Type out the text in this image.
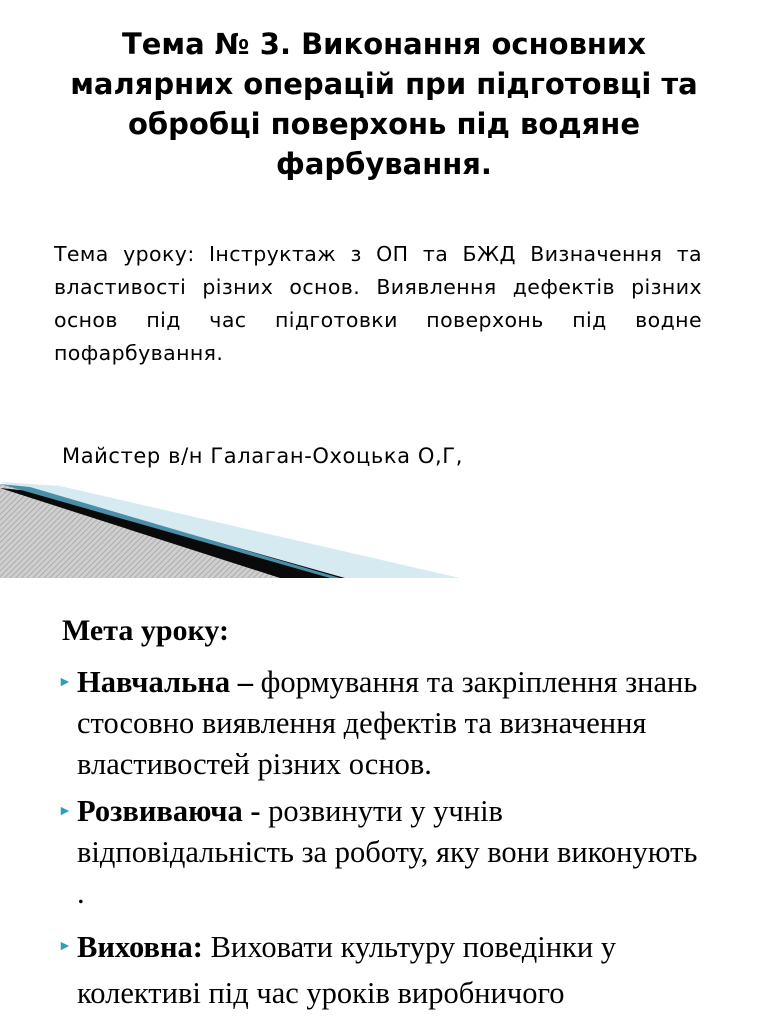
Тема № 3. Виконання основних малярних операцій при підготовці та обробці поверхонь під водяне фарбування.

Тема уроку: Інструктаж з ОП та БЖД Визначення та властивості різних основ. Виявлення дефектів різних основ під час підготовки поверхонь під водне пофарбування.

Майстер в/н Галаган-Охоцька О,Г,

Мета уроку:
► Навчальна – формування та закріплення знань стосовно виявлення дефектів та визначення властивостей різних основ.
► Розвиваюча - розвинути у учнів відповідальність за роботу, яку вони виконують .
► Виховна: Виховати культуру поведінки у колективі під час уроків виробничого
